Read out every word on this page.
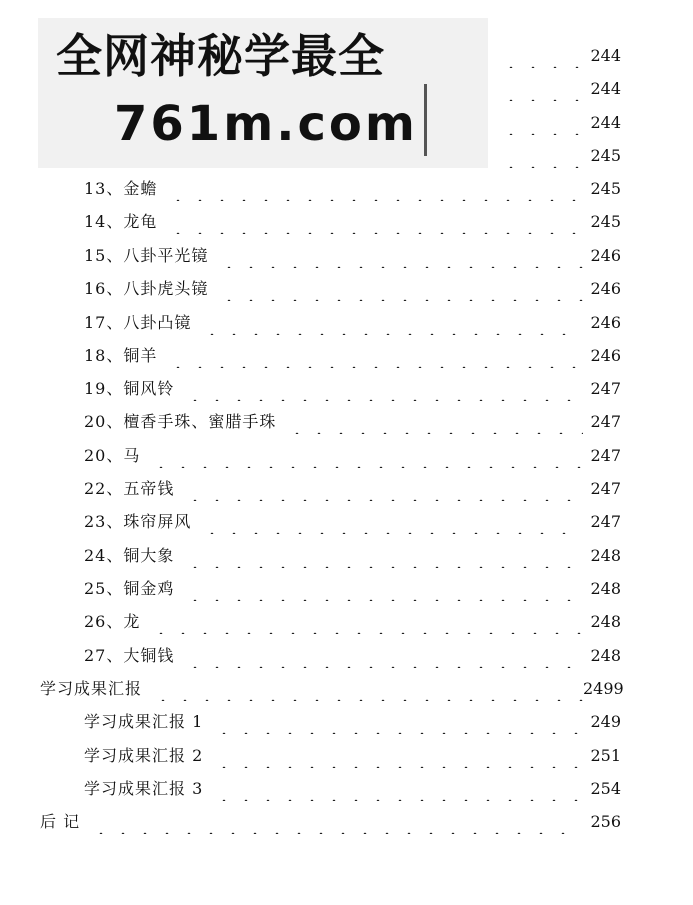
全网神秘学最全
761m.com
244
244
244
245
13、金蟾	245
14、龙龟	245
15、八卦平光镜	246
16、八卦虎头镜	246
17、八卦凸镜	246
18、铜羊	246
19、铜风铃	247
20、檀香手珠、蜜腊手珠	247
20、马	247
22、五帝钱	247
23、珠帘屏风	247
24、铜大象	248
25、铜金鸡	248
26、龙	248
27、大铜钱	248
学习成果汇报	2499
学习成果汇报 1	249
学习成果汇报 2	251
学习成果汇报 3	254
后 记	256
